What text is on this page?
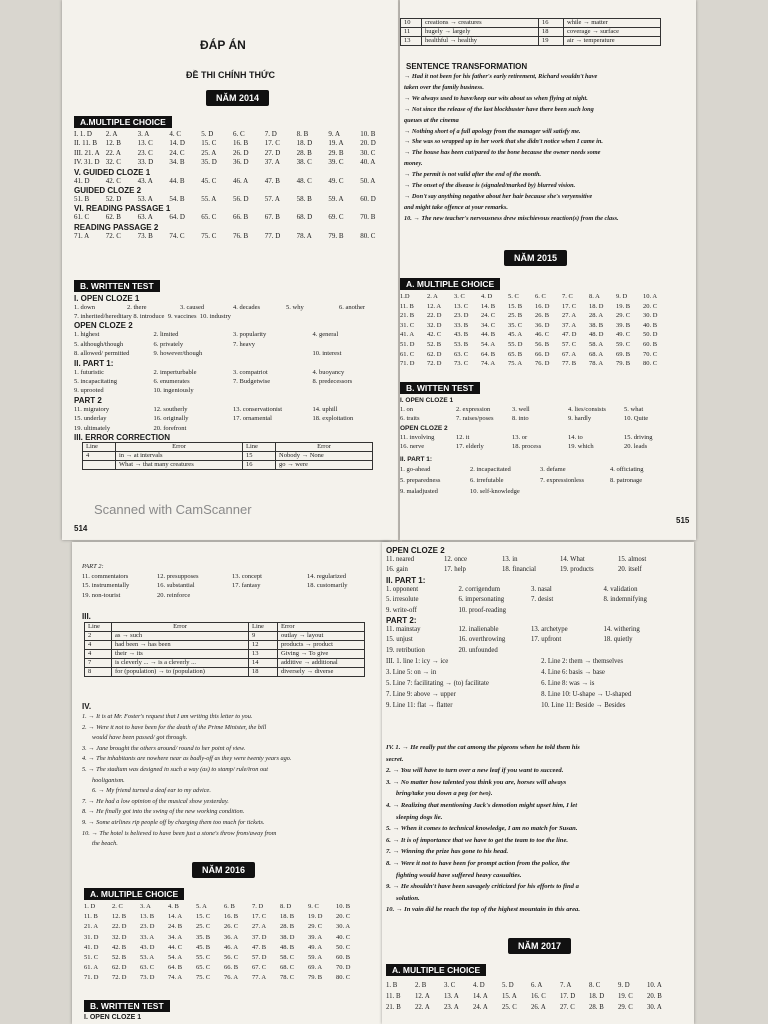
ĐÁP ÁN
ĐỀ THI CHÍNH THỨC
NĂM 2014
A.MULTIPLE CHOICE
I. 1. D	2. A	3. A	4. C	5. D	6. C	7. D	8. B	9. A	10. B
II. 11. B	12. B	13. C	14. D	15. C	16. B	17. C	18. D	19. A	20. D
III. 21. A 22. A	23. C	24. C	25. A	26. D	27. D	28. B	29. B	30. C
IV. 31. D 32. C	33. D	34. B	35. D	36. D	37. A	38. C	39. C	40. A
V. GUIDED CLOZE 1
41. D	42. C	43. A	44. B	45. C	46. A	47. B	48. C	49. C	50. A
GUIDED CLOZE 2
51. B	52. D	53. A	54. B	55. A	56. D	57. A	58. B	59. A	60. D
VI. READING PASSAGE 1
61. C	62. B	63. A	64. D	65. C	66. B	67. B	68. D	69. C	70. B
READING PASSAGE 2
71. A	72. C	73. B	74. C	75. C	76. B	77. D	78. A	79. B	80. C
B. WRITTEN TEST
I. OPEN CLOZE 1
1. down	2. there	3. caused	4. decades	5. why	6. another
7. inherited/hereditary 8. introduce 9. vaccines 10. industry
OPEN CLOZE 2
1. highest	2. limited	3. popularity	4. general
5. although/though	6. privately	7. heavy
8. allowed/ permitted	9. however/though	10. interest
II. PART 1:
1. futuristic	2. imperturbable	3. compatriot	4. buoyancy
5. incapacitating	6. enumerates	7. Budgetwise	8. predecessors
9. uprooted	10. ingeniously
PART 2
11. migratory	12. southerly	13. conservationist	14. uphill
15. underlay	16. originally	17. ornamental	18. exploitation
19. ultimately	20. forefront
III. ERROR CORRECTION
Line	Error	Line	Error
4	in → at intervals	15	Nobody → None
	What → that many creatures	16	go → were
Scanned with CamScanner
514
10	creations → creatures	16	while → matter
11	hugely → largely	18	coverage → surface
13	healthful → healthy	19	air → temperature
SENTENCE TRANSFORMATION
→ Had it not been for his father's early retirement, Richard wouldn't have
taken over the family business.
→ We always used to have/keep our wits about us when flying at night.
→ Not since the release of the last blockbuster have there been such long
queues at the cinema
→ Nothing short of a full apology from the manager will satisfy me.
→ She was so wrapped up in her work that she didn't notice when I came in.
→ The house has been cut/pared to the bone because the owner needs some
money.
→ The permit is not valid after the end of the month.
→ The onset of the disease is (signaled/marked by) blurred vision.
→ Don't say anything negative about her hair because she's veryensitive
and might take offence at your remarks.
10. → The new teacher's nervousness drew mischievous reaction(s) from the class.
NĂM 2015
A. MULTIPLE CHOICE
1.D	2. A	3. C	4. D	5. C	6. C	7. C	8. A	9. D	10. A
11. B	12. A	13. C	14. B	15. B	16. D	17. C	18. D	19. B	20. C
21. B	22. D	23. D	24. C	25. B	26. B	27. A	28. A	29. C	30. D
31. C	32. D	33. B	34. C	35. C	36. D	37. A	38. B	39. B	40. B
41. A	42. C	43. B	44. B	45. A	46. C	47. D	48. D	49. C	50. D
51. D	52. B	53. B	54. A	55. D	56. B	57. C	58. A	59. C	60. B
61. C	62. D	63. C	64. B	65. B	66. D	67. A	68. A	69. B	70. C
71. D	72. D	73. C	74. A	75. A	76. D	77. B	78. A	79. B	80. C
B. WITTEN TEST
I. OPEN CLOZE 1
1. on	2. expression	3. well	4. lies/consists	5. what
6. traits	7. raises/poses	8. into	9. hardly	10. Quite
OPEN CLOZE 2
11. involving	12. it	13. or	14. to	15. driving
16. nerve	17. elderly	18. process	19. which	20. leads
II. PART 1:
1. go-ahead	2. incapacitated	3. defame	4. officiating
5. preparedness	6. irrefutable	7. expressionless	8. patronage
9. maladjusted	10. self-knowledge
515
PART 2:
11. commentators	12. presupposes	13. concept	14. regularized
15. instrumentally	16. substantial	17. fantasy	18. customarily
19. non-tourist	20. reinforce
III.
Line	Error	Line	Error
2	as → such	9	outlay → layout
4	had been → has been	12	products → product
4	their → its	13	Giving → To give
7	is cleverly ... → is a cleverly ...	14	additive → additional
8	for (population) → to (population)	18	diversely → diverse
IV.
1. → It is at Mr. Foster's request that I am writing this letter to you.
2. → Were it not to have been for the death of the Prime Minister, the bill
would have been passed/ got through.
3. → Jane brought the others around/ round to her point of view.
4. → The inhabitants are nowhere near as badly-off as they were twenty years ago.
5. → The stadium was designed in such a way (as) to stamp/ rule/iron out
hooliganism.
6. → My friend turned a deaf ear to my advice.
7. → He had a low opinion of the musical show yesterday.
8. → He finally got into the swing of the new working condition.
9. → Some airlines rip people off by charging them too much for tickets.
10. → The hotel is believed to have been just a stone's throw from/away from
the beach.
NĂM 2016
A. MULTIPLE CHOICE
1. D	2. C	3. A	4. B	5. A	6. B	7. D	8. D	9. C	10. B
11. B	12. B	13. B	14. A	15. C	16. B	17. C	18. B	19. D	20. C
21. A	22. D	23. D	24. B	25. C	26. C	27. A	28. B	29. C	30. A
31. D	32. D	33. A	34. A	35. B	36. A	37. D	38. D	39. A	40. C
41. D	42. B	43. D	44. C	45. B	46. A	47. B	48. B	49. A	50. C
51. C	52. B	53. A	54. A	55. C	56. C	57. D	58. C	59. A	60. B
61. A	62. D	63. C	64. B	65. C	66. B	67. C	68. C	69. A	70. D
71. D	72. D	73. D	74. A	75. C	76. A	77. A	78. C	79. B	80. C
B. WRITTEN TEST
I. OPEN CLOZE 1
OPEN CLOZE 2
11. neared	12. once	13. in	14. What	15. almost
16. gain	17. help	18. financial	19. products	20. itself
II. PART 1:
1. opponent	2. corrigendum	3. nasal	4. validation
5. irresolute	6. impersonating	7. desist	8. indemnifying
9. write-off	10. proof-reading
PART 2:
11. mainstay	12. inalienable	13. archetype	14. withering
15. unjust	16. overthrowing	17. upfront	18. quietly
19. retribution	20. unfounded
III. 1. line 1: icy → ice	2. Line 2: them → themselves
3. Line 5: on → in	4. Line 6: basis → base
5. Line 7: facilitating → (to) facilitate	6. Line 8: was → is
7. Line 9: above → upper	8. Line 10: U-shape → U-shaped
9. Line 11: flat → flatter	10. Line 11: Beside → Besides
IV. 1. → He really put the cat among the pigeons when he told them his
secret.
2. → You will have to turn over a new leaf if you want to succeed.
3. → No matter how talented you think you are, horses will always
bring/take you down a peg (or two).
4. → Realizing that mentioning Jack's demotion might upset him, I let
sleeping dogs lie.
5. → When it comes to technical knowledge, I am no match for Susan.
6. → It is of importance that we have to get the team to toe the line.
7. → Winning the prize has gone to his head.
8. → Were it not to have been for prompt action from the police, the
fighting would have suffered heavy casualties.
9. → He shouldn't have been savagely criticized for his efforts to find a
solution.
10. → In vain did he reach the top of the highest mountain in this area.
NĂM 2017
A. MULTIPLE CHOICE
1. B	2. B	3. C	4. D	5. D	6. A	7. A	8. C	9. D	10. A
11. B	12. A	13. A	14. A	15. A	16. C	17. D	18. D	19. C	20. B
21. B	22. A	23. A	24. A	25. C	26. A	27. C	28. B	29. C	30. A
